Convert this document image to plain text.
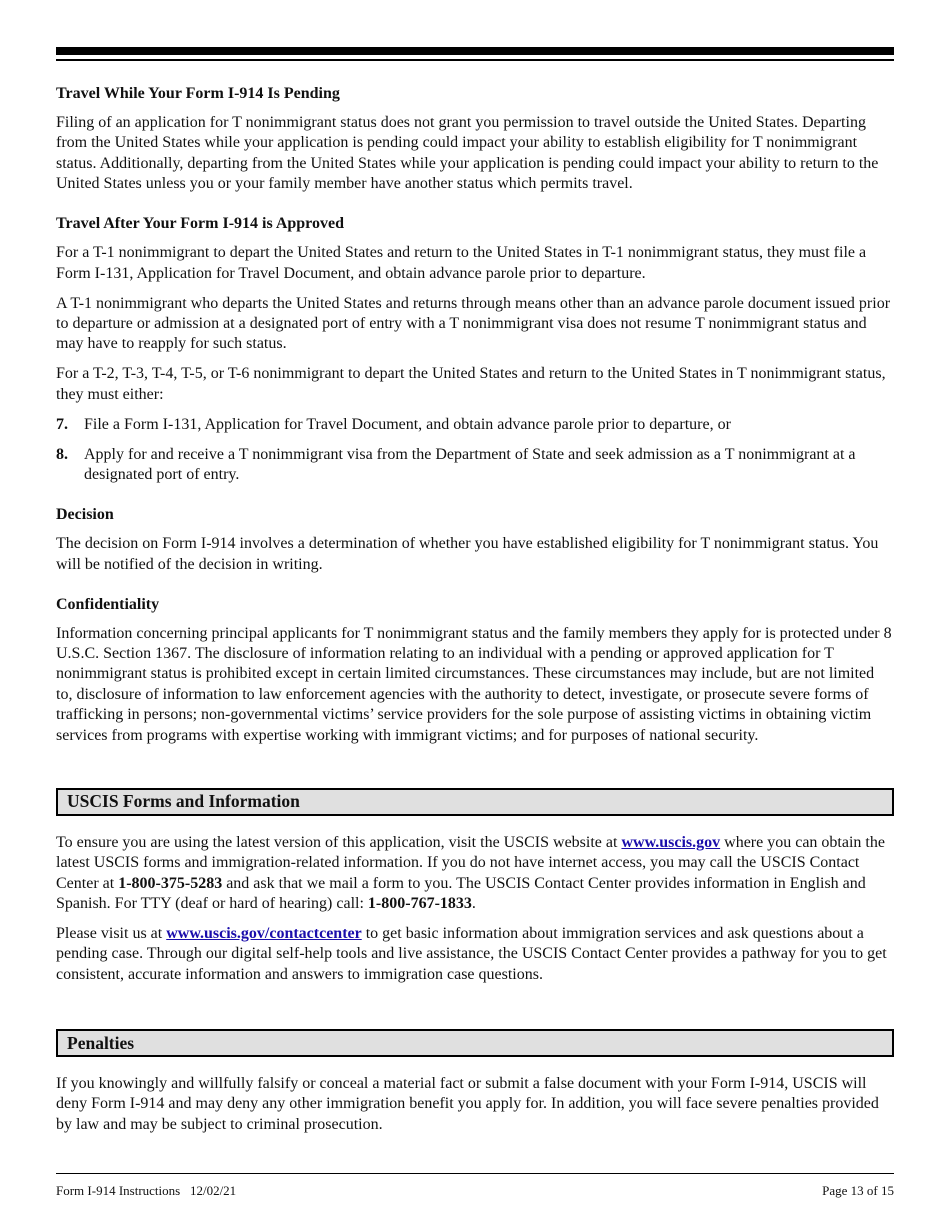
Travel While Your Form I-914 Is Pending

Filing of an application for T nonimmigrant status does not grant you permission to travel outside the United States. Departing from the United States while your application is pending could impact your ability to establish eligibility for T nonimmigrant status. Additionally, departing from the United States while your application is pending could impact your ability to return to the United States unless you or your family member have another status which permits travel.

Travel After Your Form I-914 is Approved

For a T-1 nonimmigrant to depart the United States and return to the United States in T-1 nonimmigrant status, they must file a Form I-131, Application for Travel Document, and obtain advance parole prior to departure.

A T-1 nonimmigrant who departs the United States and returns through means other than an advance parole document issued prior to departure or admission at a designated port of entry with a T nonimmigrant visa does not resume T nonimmigrant status and may have to reapply for such status.

For a T-2, T-3, T-4, T-5, or T-6 nonimmigrant to depart the United States and return to the United States in T nonimmigrant status, they must either:

7.	File a Form I-131, Application for Travel Document, and obtain advance parole prior to departure, or
8.	Apply for and receive a T nonimmigrant visa from the Department of State and seek admission as a T nonimmigrant at a designated port of entry.
Decision

The decision on Form I-914 involves a determination of whether you have established eligibility for T nonimmigrant status. You will be notified of the decision in writing.

Confidentiality

Information concerning principal applicants for T nonimmigrant status and the family members they apply for is protected under 8 U.S.C. Section 1367. The disclosure of information relating to an individual with a pending or approved application for T nonimmigrant status is prohibited except in certain limited circumstances. These circumstances may include, but are not limited to, disclosure of information to law enforcement agencies with the authority to detect, investigate, or prosecute severe forms of trafficking in persons; non-governmental victims’ service providers for the sole purpose of assisting victims in obtaining victim services from programs with expertise working with immigrant victims; and for purposes of national security.

USCIS Forms and Information

To ensure you are using the latest version of this application, visit the USCIS website at www.uscis.gov where you can obtain the latest USCIS forms and immigration-related information. If you do not have internet access, you may call the USCIS Contact Center at 1-800-375-5283 and ask that we mail a form to you. The USCIS Contact Center provides information in English and Spanish. For TTY (deaf or hard of hearing) call: 1-800-767-1833.

Please visit us at www.uscis.gov/contactcenter to get basic information about immigration services and ask questions about a pending case. Through our digital self-help tools and live assistance, the USCIS Contact Center provides a pathway for you to get consistent, accurate information and answers to immigration case questions.

Penalties

If you knowingly and willfully falsify or conceal a material fact or submit a false document with your Form I-914, USCIS will deny Form I-914 and may deny any other immigration benefit you apply for. In addition, you will face severe penalties provided by law and may be subject to criminal prosecution.

Form I-914 Instructions   12/02/21	Page 13 of 15
